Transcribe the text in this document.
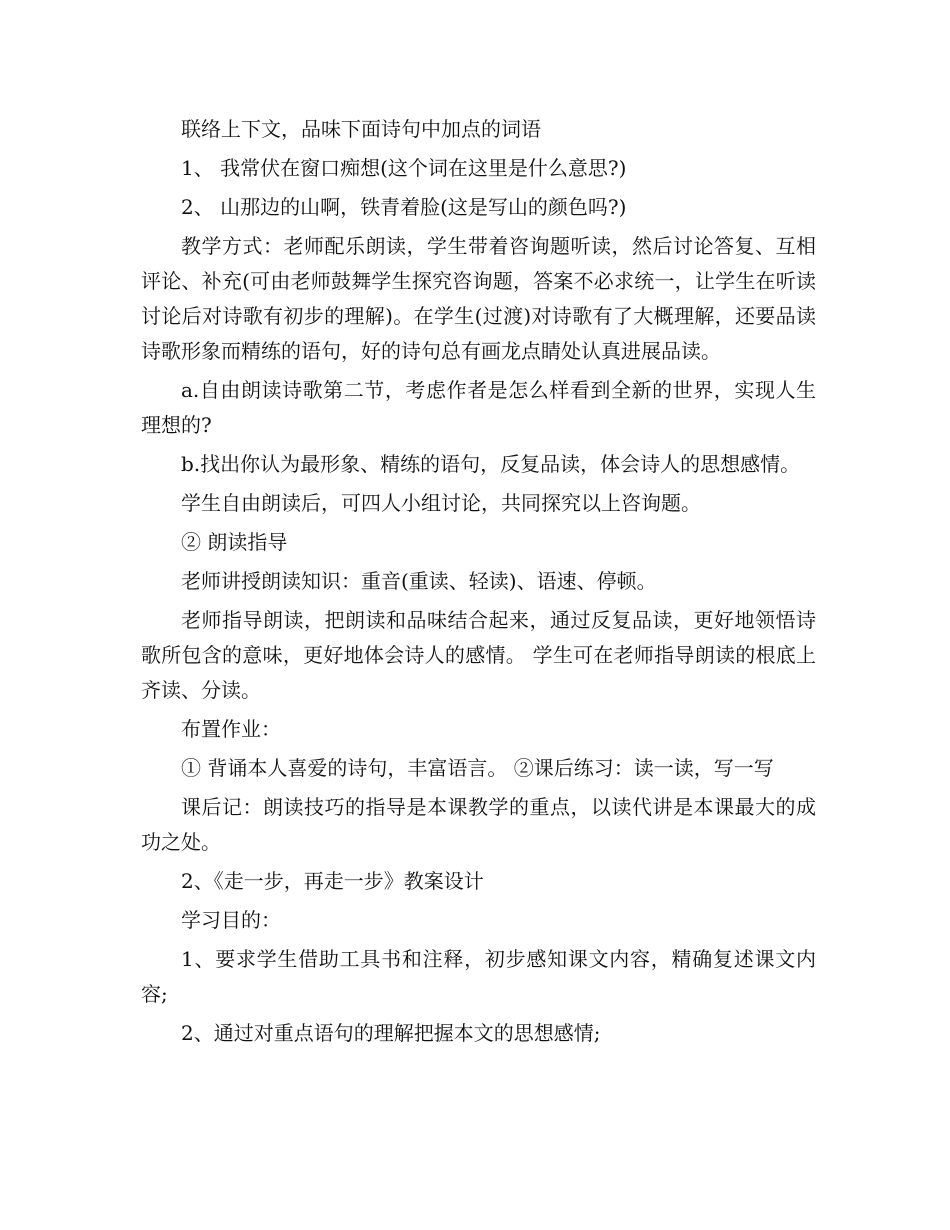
联络上下文，品味下面诗句中加点的词语

1、 我常伏在窗口痴想(这个词在这里是什么意思?)

2、 山那边的山啊，铁青着脸(这是写山的颜色吗?)

教学方式：老师配乐朗读，学生带着咨询题听读，然后讨论答复、互相评论、补充(可由老师鼓舞学生探究咨询题，答案不必求统一，让学生在听读讨论后对诗歌有初步的理解)。在学生(过渡)对诗歌有了大概理解，还要品读诗歌形象而精练的语句，好的诗句总有画龙点睛处认真进展品读。

a.自由朗读诗歌第二节，考虑作者是怎么样看到全新的世界，实现人生理想的?

b.找出你认为最形象、精练的语句，反复品读，体会诗人的思想感情。

学生自由朗读后，可四人小组讨论，共同探究以上咨询题。

② 朗读指导

老师讲授朗读知识：重音(重读、轻读)、语速、停顿。

老师指导朗读，把朗读和品味结合起来，通过反复品读，更好地领悟诗歌所包含的意味，更好地体会诗人的感情。 学生可在老师指导朗读的根底上齐读、分读。

布置作业：

① 背诵本人喜爱的诗句，丰富语言。 ②课后练习：读一读，写一写

课后记：朗读技巧的指导是本课教学的重点，以读代讲是本课最大的成功之处。

2、《走一步，再走一步》教案设计

学习目的：

1、要求学生借助工具书和注释，初步感知课文内容，精确复述课文内容;

2、通过对重点语句的理解把握本文的思想感情;
